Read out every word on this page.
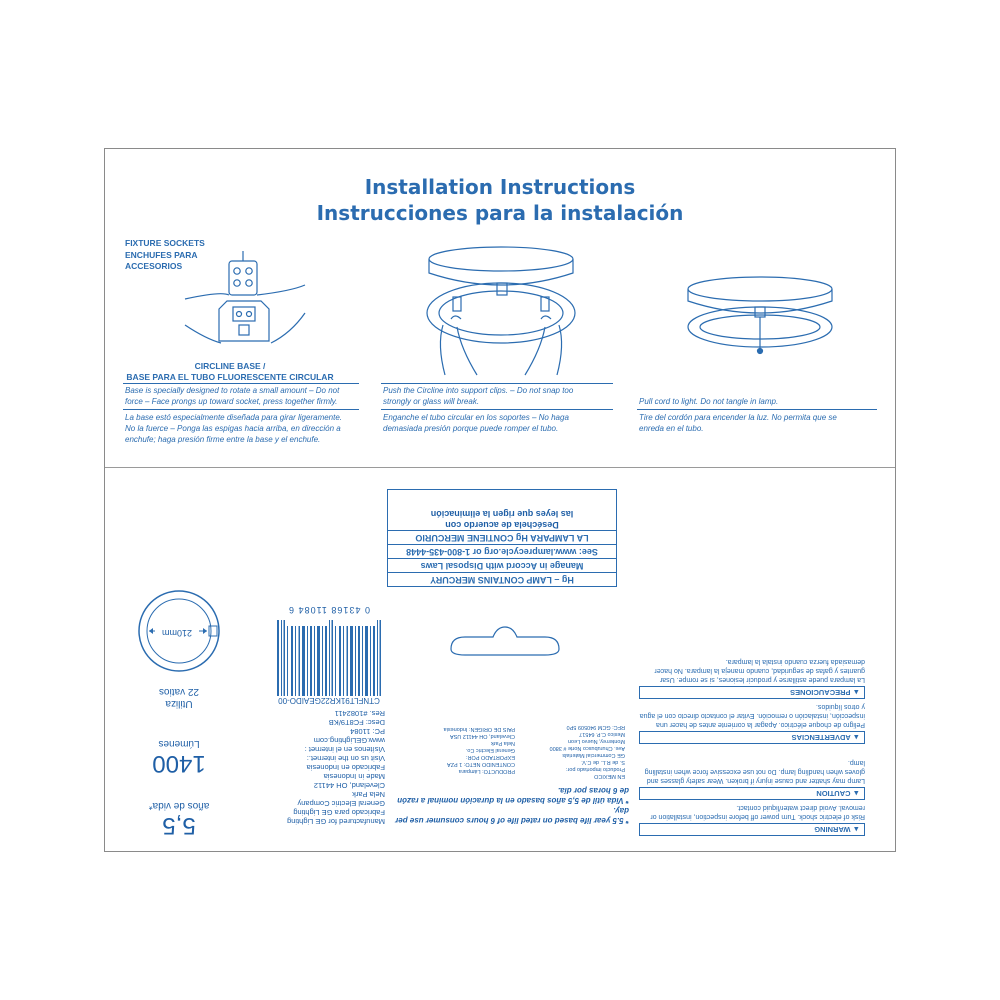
Installation Instructions
Instrucciones para la instalación
FIXTURE SOCKETS
ENCHUFES PARA
ACCESORIOS
CIRCLINE BASE /
BASE PARA EL TUBO FLUORESCENTE CIRCULAR
Base is specially designed to rotate a small amount – Do not
force – Face prongs up toward socket, press together firmly.
La base estó especialmente diseñada para girar ligeramente.
No la fuerce – Ponga las espigas hacia arriba, en dirección a
enchufe; haga presión firme entre la base y el enchufe.
Push the Circline into support clips. – Do not snap too
strongly or glass will break.
Enganche el tubo circular en los soportes – No haga
demasiada presión porque puede romper el tubo.
Pull cord to light. Do not tangle in lamp.
Tire del cordón para encender la luz. No permita que se
enreda en el tubo.
Hg – LAMP CONTAINS MERCURY
Manage in Accord with Disposal Laws
See: www.lamprecycle.org or 1-800-435-4448
LA LAMPARA Hg CONTIENE MERCURIO
Deséchela de acuerdo con
las leyes que rigen la eliminación
▲ WARNING
Risk of electric shock. Turn power off before inspection, installation or removal. Avoid direct water/liquid contact.
▲ CAUTION
Lamp may shatter and cause injury if broken. Wear safety glasses and gloves when handling lamp. Do not use excessive force when installing lamp.
▲ ADVERTENCIAS
Peligro de choque eléctrico. Apagar la corriente antes de hacer una inspección, instalación o remoción. Evitar el contacto directo con el agua y otros líquidos.
▲ PRECAUCIONES
La lampara puede astillarse y producir lesiones, si se rompe. Usar guantes y gafas de seguridad, cuando maneja la lampara. No hacer demasiada fuerza cuando instala la lampara.
* 5.5 year life based on rated life of 6 hours consumer use per day.
* Vida útil de 5,5 años basado en la duración nominal a razón de 6 horas por día.
EN MEXICO
Producto importado por:
S. de R.L. de C.V.
GE Commercial Materials
Ave. Churubusco Norte # 3800
Monterrey, Nuevo Leon
Mexico C.P. 64517
RFC: GCM 940509 5P0
PRODUCTO: Lámpara
CONTENIDO NETO: 1 PZA
EXPORTADO POR:
General Electric Co.
Nela Park
Cleveland, OH 44112 USA
PAIS DE ORIGEN: Indonesia
CTNFLT91KR22GEAIDO-00
0 43168 11084 6
Manufactured for GE Lighting
Fabricado para GE Lighting
General Electric Company
Nela Park
Cleveland, OH 44112
Made in Indonesia
Fabricado en Indonesia
Visit us on the internet.:
Visítenos en el internet :
www.GELighting.com
PC: 11084
Desc: FC8T9/KB
Res. #1082411
5,5
años de vida*
1400
Lúmenes
Utiliza
22 vatios
210mm
